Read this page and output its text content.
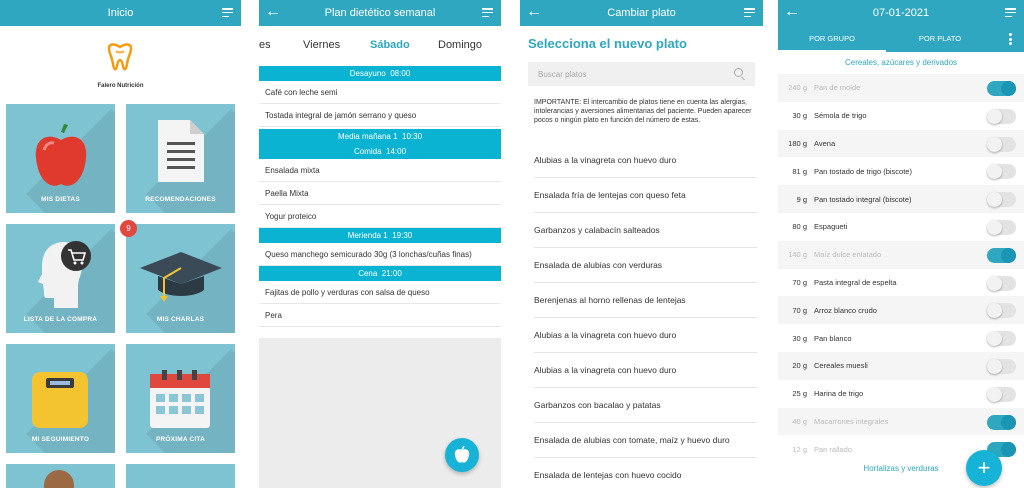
Inicio
Falero Nutrición
9
MIS DIETAS	RECOMENDACIONES
LISTA DE LA COMPRA	MIS CHARLAS
MI SEGUIMIENTO	PRÓXIMA CITA
←	Plan dietético semanal
es	Viernes	Sábado	Domingo
Desayuno 08:00
Café con leche semi
Tostada integral de jamón serrano y queso
Media mañana 1 10:30
Comida 14:00
Ensalada mixta
Paella Mixta
Yogur proteico
Merienda 1 19:30
Queso manchego semicurado 30g (3 lonchas/cuñas finas)
Cena 21:00
Fajitas de pollo y verduras con salsa de queso
Pera
←	Cambiar plato
Selecciona el nuevo plato
Buscar platos
IMPORTANTE: El intercambio de platos tiene en cuenta las alergias, intolerancias y aversiones alimentarias del paciente. Pueden aparecer pocos o ningún plato en función del número de estas.
Alubias a la vinagreta con huevo duro
Ensalada fría de lentejas con queso feta
Garbanzos y calabacín salteados
Ensalada de alubias con verduras
Berenjenas al horno rellenas de lentejas
Alubias a la vinagreta con huevo duro
Alubias a la vinagreta con huevo duro
Garbanzos con bacalao y patatas
Ensalada de alubias con tomate, maíz y huevo duro
Ensalada de lentejas con huevo cocido
←	07-01-2021
POR GRUPO	POR PLATO
Cereales, azúcares y derivados
240 g Pan de molde
30 g Sémola de trigo
180 g Avena
81 g Pan tostado de trigo (biscote)
9 g Pan tostado integral (biscote)
80 g Espagueti
140 g Maíz dulce enlatado
70 g Pasta integral de espelta
70 g Arroz blanco crudo
30 g Pan blanco
20 g Cereales muesli
25 g Harina de trigo
40 g Macarrones integrales
12 g Pan rallado
Hortalizas y verduras	+
